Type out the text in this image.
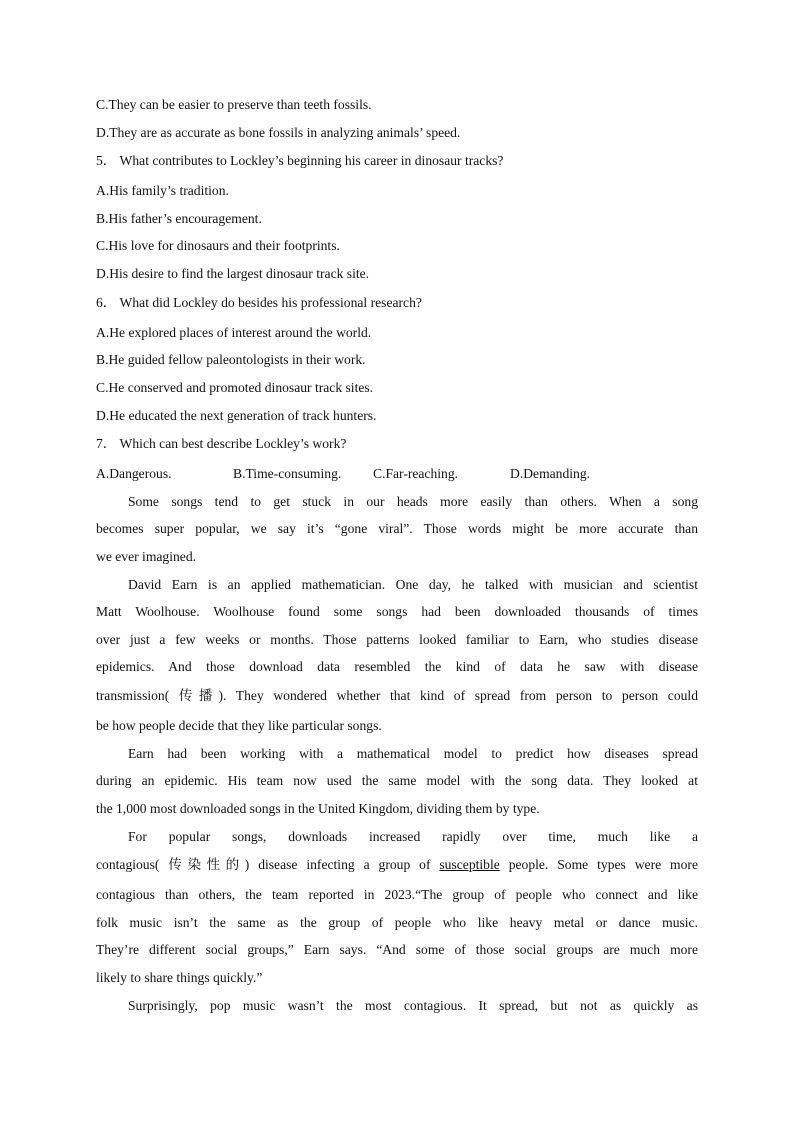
C.They can be easier to preserve than teeth fossils.
D.They are as accurate as bone fossils in analyzing animals’ speed.
5． What contributes to Lockley’s beginning his career in dinosaur tracks?
A.His family’s tradition.
B.His father’s encouragement.
C.His love for dinosaurs and their footprints.
D.His desire to find the largest dinosaur track site.
6． What did Lockley do besides his professional research?
A.He explored places of interest around the world.
B.He guided fellow paleontologists in their work.
C.He conserved and promoted dinosaur track sites.
D.He educated the next generation of track hunters.
7． Which can best describe Lockley’s work?
A.Dangerous.	B.Time-consuming. C.Far-reaching.	D.Demanding.
Some songs tend to get stuck in our heads more easily than others. When a song
becomes super popular, we say it’s “gone viral”. Those words might be more accurate than
we ever imagined.
David Earn is an applied mathematician. One day, he talked with musician and scientist
Matt Woolhouse. Woolhouse found some songs had been downloaded thousands of times
over just a few weeks or months. Those patterns looked familiar to Earn, who studies disease
epidemics. And those download data resembled the kind of data he saw with disease
transmission( 传播). They wondered whether that kind of spread from person to person could
be how people decide that they like particular songs.
Earn had been working with a mathematical model to predict how diseases spread
during an epidemic. His team now used the same model with the song data. They looked at
the 1,000 most downloaded songs in the United Kingdom, dividing them by type.
For popular songs, downloads increased rapidly over time, much like a
contagious( 传染性的) disease infecting a group of susceptible people. Some types were more
contagious than others, the team reported in 2023.“The group of people who connect and like
folk music isn’t the same as the group of people who like heavy metal or dance music.
They’re different social groups,” Earn says. “And some of those social groups are much more
likely to share things quickly.”
Surprisingly, pop music wasn’t the most contagious. It spread, but not as quickly as
